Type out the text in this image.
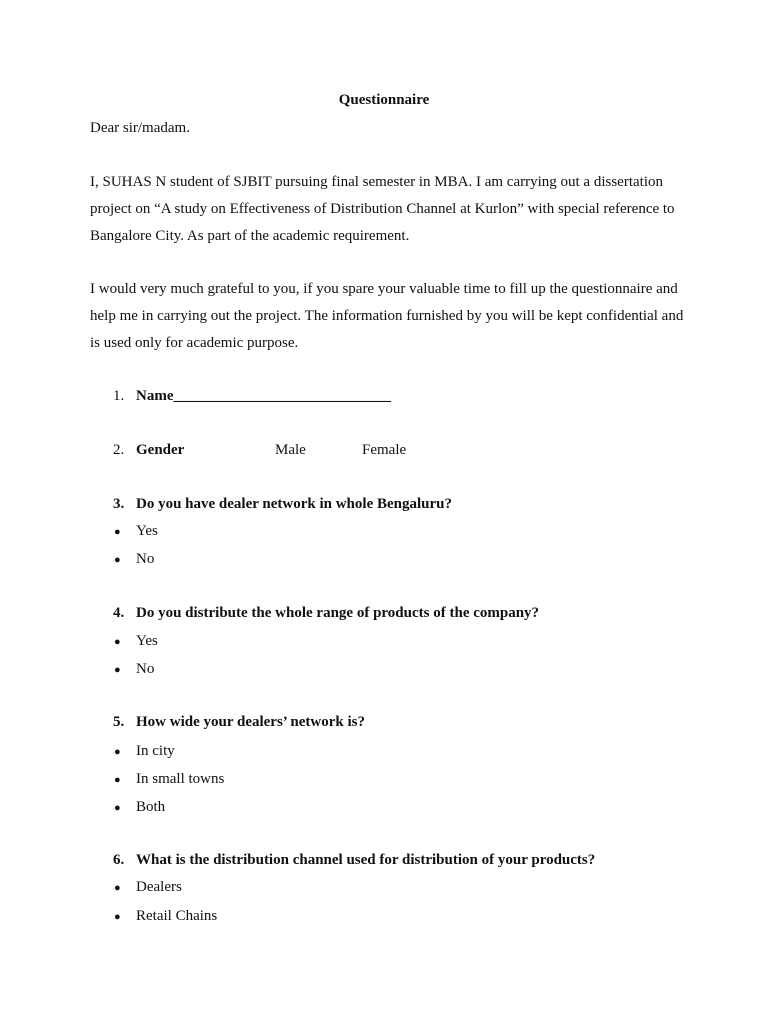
Questionnaire
Dear sir/madam.
I, SUHAS N student of SJBIT pursuing final semester in MBA. I am carrying out a dissertation
project on “A study on Effectiveness of Distribution Channel at Kurlon” with special reference to
Bangalore City. As part of the academic requirement.
I would very much grateful to you, if you spare your valuable time to fill up the questionnaire and
help me in carrying out the project. The information furnished by you will be kept confidential and
is used only for academic purpose.
1. Name_____________________________
2. Gender	Male	Female
3. Do you have dealer network in whole Bengaluru?
● Yes
● No
4. Do you distribute the whole range of products of the company?
● Yes
● No
5. How wide your dealers’ network is?
● In city
● In small towns
● Both
6. What is the distribution channel used for distribution of your products?
● Dealers
● Retail Chains
